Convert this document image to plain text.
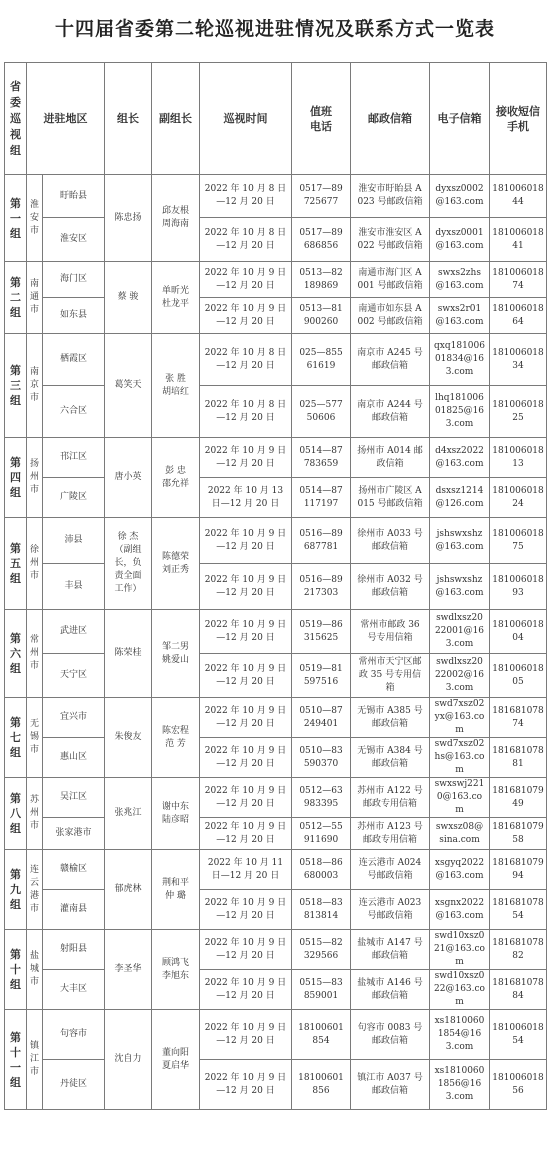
十四届省委第二轮巡视进驻情况及联系方式一览表
省委巡视组	进驻地区		组长	副组长	巡视时间	值班电话	邮政信箱	电子信箱	接收短信手机
第一组	淮安市	盱眙县	陈忠扬	邱友根 周海南	2022 年 10 月 8 日—12 月 20 日	0517—89725677	淮安市盱眙县 A023 号邮政信箱	dyxsz0002@163.com	18100601844
		淮安区			2022 年 10 月 8 日—12 月 20 日	0517—89686856	淮安市淮安区 A022 号邮政信箱	dyxsz0001@163.com	18100601841
第二组	南通市	海门区	蔡 骏	单昕光 杜龙平	2022 年 10 月 9 日—12 月 20 日	0513—82189869	南通市海门区 A001 号邮政信箱	swxs2zhs@163.com	18100601874
		如东县			2022 年 10 月 9 日—12 月 20 日	0513—81900260	南通市如东县 A002 号邮政信箱	swxs2r01@163.com	18100601864
第三组	南京市	栖霞区	葛笑天	张 胜 胡培红	2022 年 10 月 8 日—12 月 20 日	025—85561619	南京市 A245 号邮政信箱	qxq18100601834@163.com	18100601834
		六合区			2022 年 10 月 8 日—12 月 20 日	025—57750606	南京市 A244 号邮政信箱	lhq18100601825@163.com	18100601825
第四组	扬州市	邗江区	唐小英	彭 忠 邵允祥	2022 年 10 月 9 日—12 月 20 日	0514—87783659	扬州市 A014 邮政信箱	d4xsz2022@163.com	18100601813
		广陵区			2022 年 10 月 13 日—12 月 20 日	0514—87117197	扬州市广陵区 A015 号邮政信箱	dsxsz1214@126.com	18100601824
第五组	徐州市	沛县	徐 杰（副组长，负责全面工作）	陈德荣 刘正秀	2022 年 10 月 9 日—12 月 20 日	0516—89687781	徐州市 A033 号邮政信箱	jshswxshz@163.com	18100601875
		丰县			2022 年 10 月 9 日—12 月 20 日	0516—89217303	徐州市 A032 号邮政信箱	jshswxshz@163.com	18100601893
第六组	常州市	武进区	陈荣桂	邹二男 姚爱山	2022 年 10 月 9 日—12 月 20 日	0519—86315625	常州市邮政 36 号专用信箱	swdlxsz2022001@163.com	18100601804
		天宁区			2022 年 10 月 9 日—12 月 20 日	0519—81597516	常州市天宁区邮政 35 号专用信箱	swdlxsz2022002@163.com	18100601805
第七组	无锡市	宜兴市	朱俊友	陈宏程 范 芳	2022 年 10 月 9 日—12 月 20 日	0510—87249401	无锡市 A385 号邮政信箱	swd7xsz02yx@163.com	18168107874
		惠山区			2022 年 10 月 9 日—12 月 20 日	0510—83590370	无锡市 A384 号邮政信箱	swd7xsz02hs@163.com	18168107881
第八组	苏州市	吴江区	张兆江	谢中东 陆彦昭	2022 年 10 月 9 日—12 月 20 日	0512—63983395	苏州市 A122 号邮政专用信箱	swxswj2210@163.com	18168107949
		张家港市			2022 年 10 月 9 日—12 月 20 日	0512—55911690	苏州市 A123 号邮政专用信箱	swxsz08@sina.com	18168107958
第九组	连云港市	赣榆区	郁虎林	荆和平 仲 璐	2022 年 10 月 11 日—12 月 20 日	0518—86680003	连云港市 A024 号邮政信箱	xsgyq2022@163.com	18168107994
		灌南县			2022 年 10 月 9 日—12 月 20 日	0518—83813814	连云港市 A023 号邮政信箱	xsgnx2022@163.com	18168107854
第十组	盐城市	射阳县	李圣华	顾鸿飞 李旭东	2022 年 10 月 9 日—12 月 20 日	0515—82329566	盐城市 A147 号邮政信箱	swd10xsz021@163.com	18168107882
		大丰区			2022 年 10 月 9 日—12 月 20 日	0515—83859001	盐城市 A146 号邮政信箱	swd10xsz022@163.com	18168107884
第十一组	镇江市	句容市	沈自力	董向阳 夏启华	2022 年 10 月 9 日—12 月 20 日	18100601854	句容市 0083 号邮政信箱	xs18100601854@163.com	18100601854
		丹徒区			2022 年 10 月 9 日—12 月 20 日	18100601856	镇江市 A037 号邮政信箱	xs18100601856@163.com	18100601856
